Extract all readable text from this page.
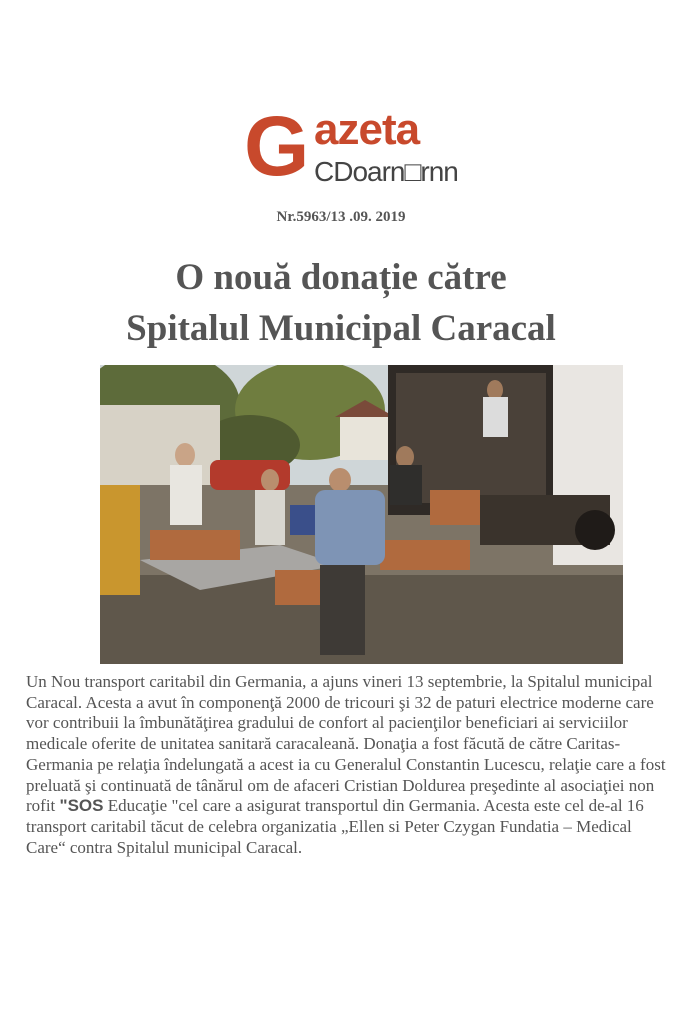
G azeta
CDoarn□rnn
Nr.5963/13 .09. 2019
O nouă donație către
Spitalul Municipal Caracal

Un Nou transport caritabil din Germania, a ajuns vineri 13 septembrie, la Spitalul municipal Caracal. Acesta a avut în componenţă 2000 de tricouri şi 32 de paturi electrice moderne care vor contribuii la îmbunătăţirea gradului de confort al pacienţilor beneficiari ai serviciilor medicale oferite de unitatea sanitară caracaleană. Donaţia a fost făcută de către Caritas- Germania pe relaţia îndelungată a acest ia cu Generalul Constantin Lucescu, relaţie care a fost preluată şi continuată de tânărul om de afaceri Cristian Doldurea preşedinte al asociaţiei non rofit "SOS Educaţie "cel care a asigurat transportul din Germania. Acesta este cel de-al 16 transport caritabil tăcut de celebra organizatia „Ellen si Peter Czygan Fundatia – Medical Care“ contra Spitalul municipal Caracal.
